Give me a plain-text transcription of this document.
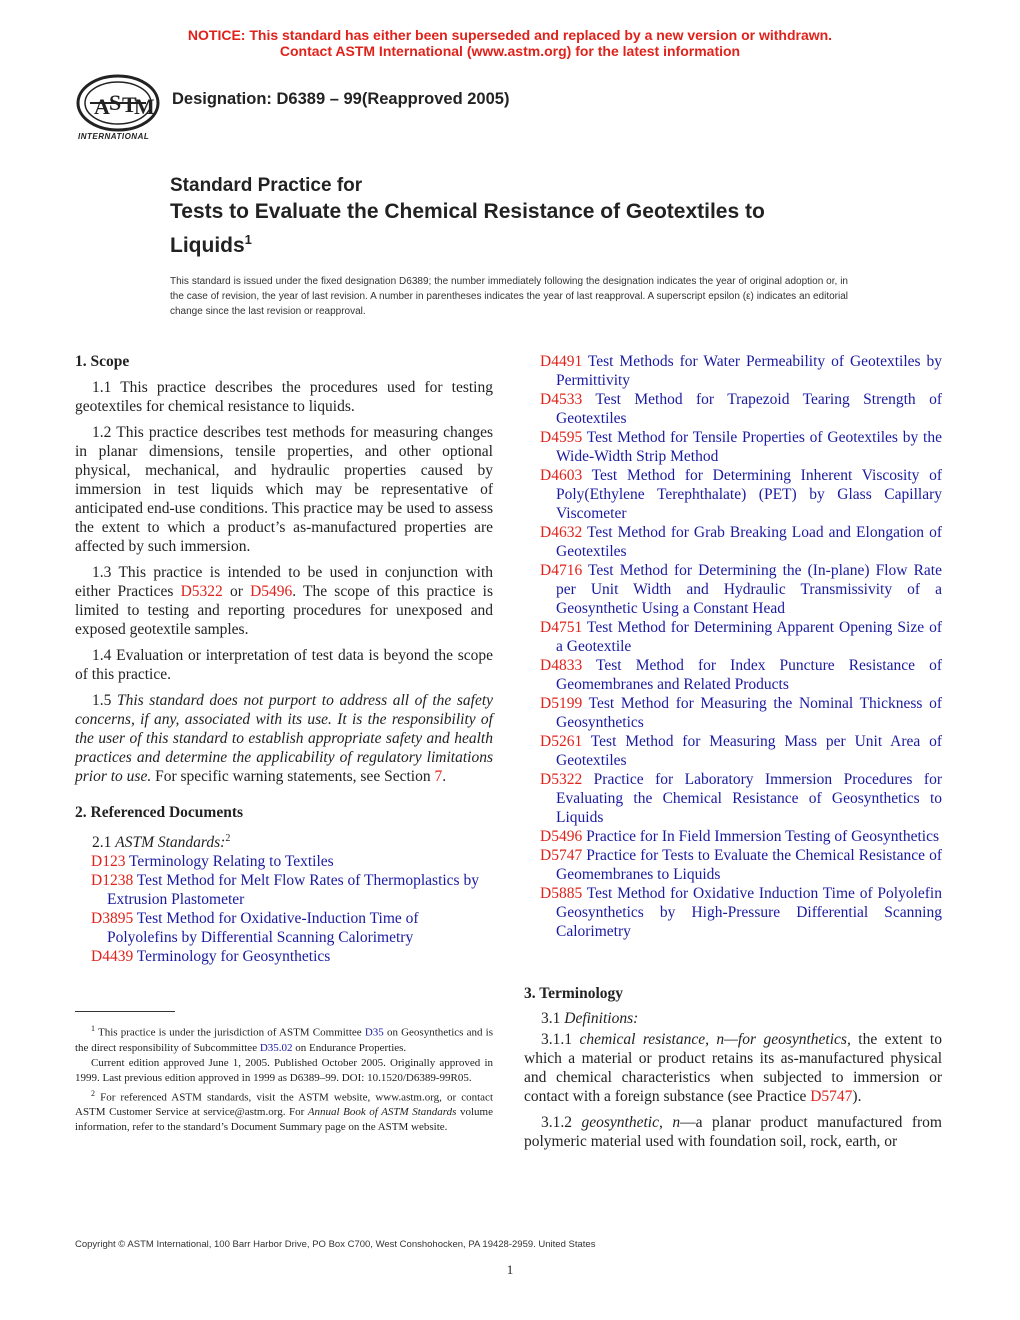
NOTICE: This standard has either been superseded and replaced by a new version or withdrawn.
Contact ASTM International (www.astm.org) for the latest information
A S T
M
INTERNATIONAL
Designation: D6389 – 99(Reapproved 2005)
Standard Practice for
Tests to Evaluate the Chemical Resistance of Geotextiles to
Liquids$^1$
This standard is issued under the fixed designation D6389; the number immediately following the designation indicates the year of original adoption or, in the case of revision, the year of last revision. A number in parentheses indicates the year of last reapproval. A superscript epsilon (ε) indicates an editorial change since the last revision or reapproval.

1. Scope

1.1 This practice describes the procedures used for testing geotextiles for chemical resistance to liquids.

1.2 This practice describes test methods for measuring changes in planar dimensions, tensile properties, and other optional physical, mechanical, and hydraulic properties caused by immersion in test liquids which may be representative of anticipated end-use conditions. This practice may be used to assess the extent to which a product’s as-manufactured properties are affected by such immersion.

1.3 This practice is intended to be used in conjunction with either Practices D5322 or D5496. The scope of this practice is limited to testing and reporting procedures for unexposed and exposed geotextile samples.

1.4 Evaluation or interpretation of test data is beyond the scope of this practice.

1.5 This standard does not purport to address all of the safety concerns, if any, associated with its use. It is the responsibility of the user of this standard to establish appropriate safety and health practices and determine the applicability of regulatory limitations prior to use. For specific warning statements, see Section 7.

2. Referenced Documents

2.1 ASTM Standards:$^2$

D123 Terminology Relating to Textiles

D1238 Test Method for Melt Flow Rates of Thermoplastics by Extrusion Plastometer

D3895 Test Method for Oxidative-Induction Time of Polyolefins by Differential Scanning Calorimetry

D4439 Terminology for Geosynthetics

$^1$ This practice is under the jurisdiction of ASTM Committee D35 on Geosynthetics and is the direct responsibility of Subcommittee D35.02 on Endurance Properties.

Current edition approved June 1, 2005. Published October 2005. Originally approved in 1999. Last previous edition approved in 1999 as D6389–99. DOI: 10.1520/D6389-99R05.

$^2$ For referenced ASTM standards, visit the ASTM website, www.astm.org, or contact ASTM Customer Service at service@astm.org. For Annual Book of ASTM Standards volume information, refer to the standard’s Document Summary page on the ASTM website.

D4491 Test Methods for Water Permeability of Geotextiles by Permittivity

D4533 Test Method for Trapezoid Tearing Strength of Geotextiles

D4595 Test Method for Tensile Properties of Geotextiles by the Wide-Width Strip Method

D4603 Test Method for Determining Inherent Viscosity of Poly(Ethylene Terephthalate) (PET) by Glass Capillary Viscometer

D4632 Test Method for Grab Breaking Load and Elongation of Geotextiles

D4716 Test Method for Determining the (In-plane) Flow Rate per Unit Width and Hydraulic Transmissivity of a Geosynthetic Using a Constant Head

D4751 Test Method for Determining Apparent Opening Size of a Geotextile

D4833 Test Method for Index Puncture Resistance of Geomembranes and Related Products

D5199 Test Method for Measuring the Nominal Thickness of Geosynthetics

D5261 Test Method for Measuring Mass per Unit Area of Geotextiles

D5322 Practice for Laboratory Immersion Procedures for Evaluating the Chemical Resistance of Geosynthetics to Liquids

D5496 Practice for In Field Immersion Testing of Geosynthetics

D5747 Practice for Tests to Evaluate the Chemical Resistance of Geomembranes to Liquids

D5885 Test Method for Oxidative Induction Time of Polyolefin Geosynthetics by High-Pressure Differential Scanning Calorimetry

3. Terminology

3.1 Definitions:

3.1.1 chemical resistance, n—for geosynthetics, the extent to which a material or product retains its as-manufactured physical and chemical characteristics when subjected to immersion or contact with a foreign substance (see Practice D5747).

3.1.2 geosynthetic, n—a planar product manufactured from polymeric material used with foundation soil, rock, earth, or

Copyright © ASTM International, 100 Barr Harbor Drive, PO Box C700, West Conshohocken, PA 19428-2959. United States
1
